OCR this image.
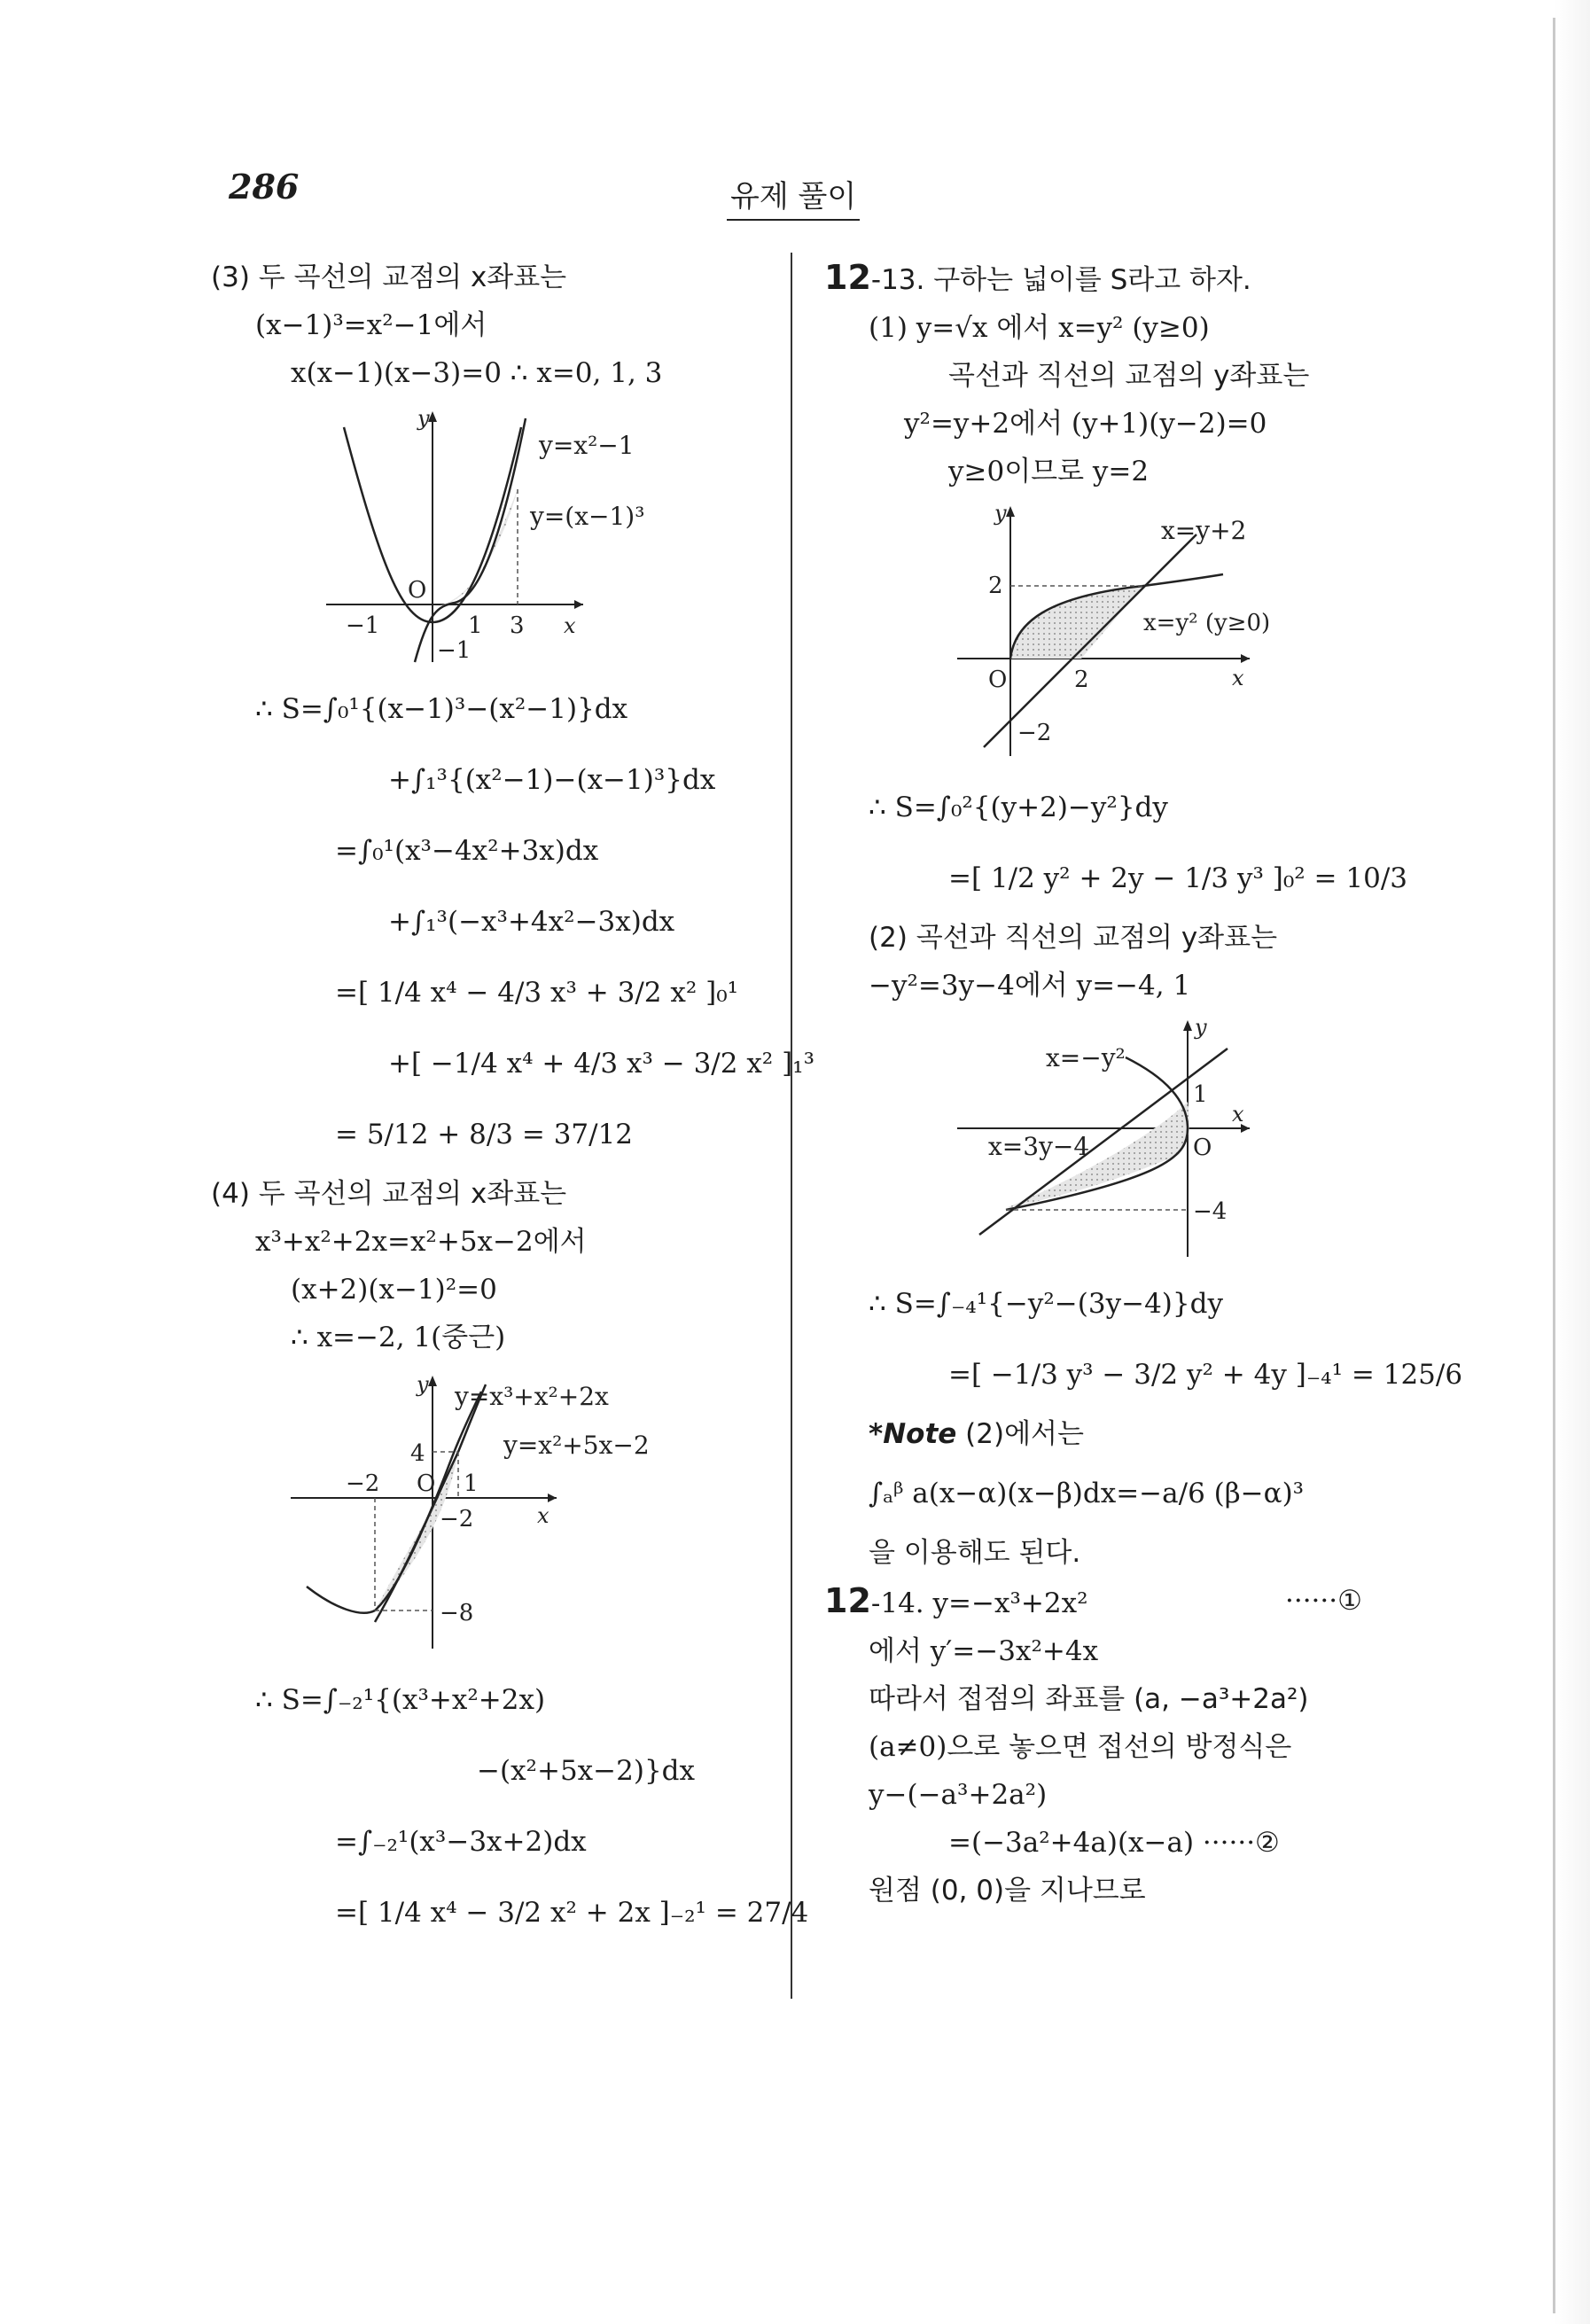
286	유제 풀이
(3) 두 곡선의 교점의 x좌표는
(x−1)³=x²−1에서
x(x−1)(x−3)=0 ∴ x=0, 1, 3
y=x²−1
y=(x−1)³
y
x
O
−1	1 3
−1
∴ S=∫₀¹{(x−1)³−(x²−1)}dx
+∫₁³{(x²−1)−(x−1)³}dx
=∫₀¹(x³−4x²+3x)dx
+∫₁³(−x³+4x²−3x)dx
=[ 1/4 x⁴ − 4/3 x³ + 3/2 x² ]₀¹
+[ −1/4 x⁴ + 4/3 x³ − 3/2 x² ]₁³
= 5/12 + 8/3 = 37/12
(4) 두 곡선의 교점의 x좌표는
x³+x²+2x=x²+5x−2에서
(x+2)(x−1)²=0
∴ x=−2, 1(중근)
y=x³+x²+2x
y=x²+5x−2
y
x
O
−2	1
4
−2
−8
∴ S=∫₋₂¹{(x³+x²+2x)
−(x²+5x−2)}dx
=∫₋₂¹(x³−3x+2)dx
=[ 1/4 x⁴ − 3/2 x² + 2x ]₋₂¹ = 27/4
12-13. 구하는 넓이를 S라고 하자.
(1) y=√x 에서 x=y² (y≥0)
곡선과 직선의 교점의 y좌표는
y²=y+2에서 (y+1)(y−2)=0
y≥0이므로 y=2
x=y+2
x=y² (y≥0)
y
x
O
2
2
−2
∴ S=∫₀²{(y+2)−y²}dy
=[ 1/2 y² + 2y − 1/3 y³ ]₀² = 10/3
(2) 곡선과 직선의 교점의 y좌표는
−y²=3y−4에서 y=−4, 1
x=−y²
x=3y−4
y
x
O
1
−4
∴ S=∫₋₄¹{−y²−(3y−4)}dy
=[ −1/3 y³ − 3/2 y² + 4y ]₋₄¹ = 125/6
*Note (2)에서는
∫ₐᵝ a(x−α)(x−β)dx=−a/6 (β−α)³
을 이용해도 된다.
12-14. y=−x³+2x²	······①
에서 y′=−3x²+4x
따라서 접점의 좌표를 (a, −a³+2a²)
(a≠0)으로 놓으면 접선의 방정식은
y−(−a³+2a²)
=(−3a²+4a)(x−a) ······②
원점 (0, 0)을 지나므로
